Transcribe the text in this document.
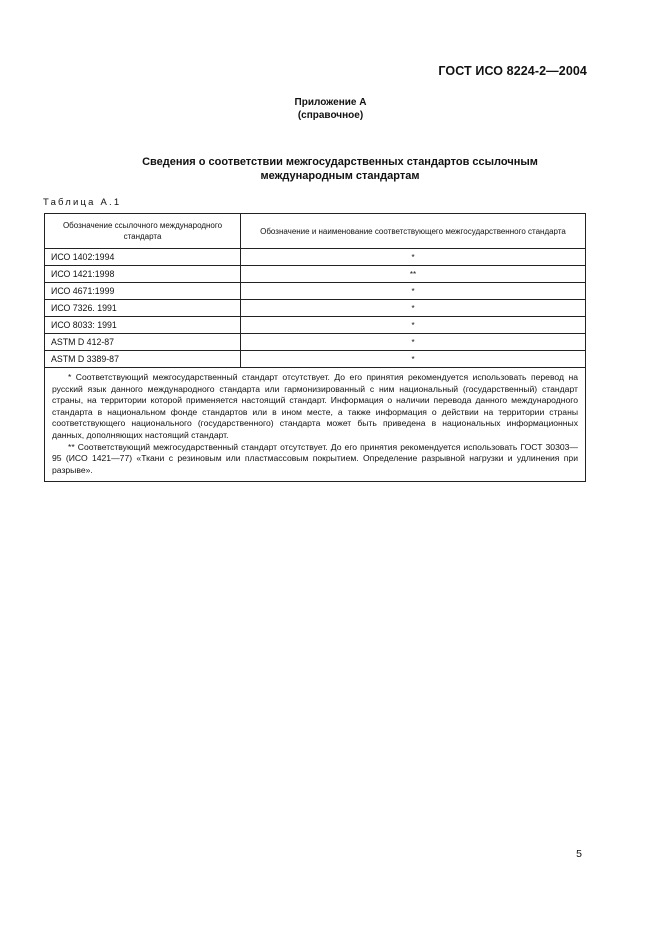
ГОСТ ИСО 8224-2—2004
Приложение А
(справочное)
Сведения о соответствии межгосударственных стандартов ссылочным
международным стандартам
Таблица А.1
Обозначение ссылочного международного стандарта	Обозначение и наименование соответствующего межгосударственного стандарта
ИСО 1402:1994	*
ИСО 1421:1998	**
ИСО 4671:1999	*
ИСО 7326. 1991	*
ИСО 8033: 1991	*
ASTM D 412-87	*
ASTM D 3389-87	*

* Соответствующий межгосударственный стандарт отсутствует. До его принятия рекомендуется использовать перевод на русский язык данного международного стандарта или гармонизированный с ним национальный (государственный) стандарт страны, на территории которой применяется настоящий стандарт. Информация о наличии перевода данного международного стандарта в национальном фонде стандартов или в ином месте, а также информация о действии на территории страны соответствующего национального (государственного) стандарта может быть приведена в национальных информационных данных, дополняющих настоящий стандарт.

** Соответствующий межгосударственный стандарт отсутствует. До его принятия рекомендуется использовать ГОСТ 30303—95 (ИСО 1421—77) «Ткани с резиновым или пластмассовым покрытием. Определение разрывной нагрузки и удлинения при разрыве».	

5
